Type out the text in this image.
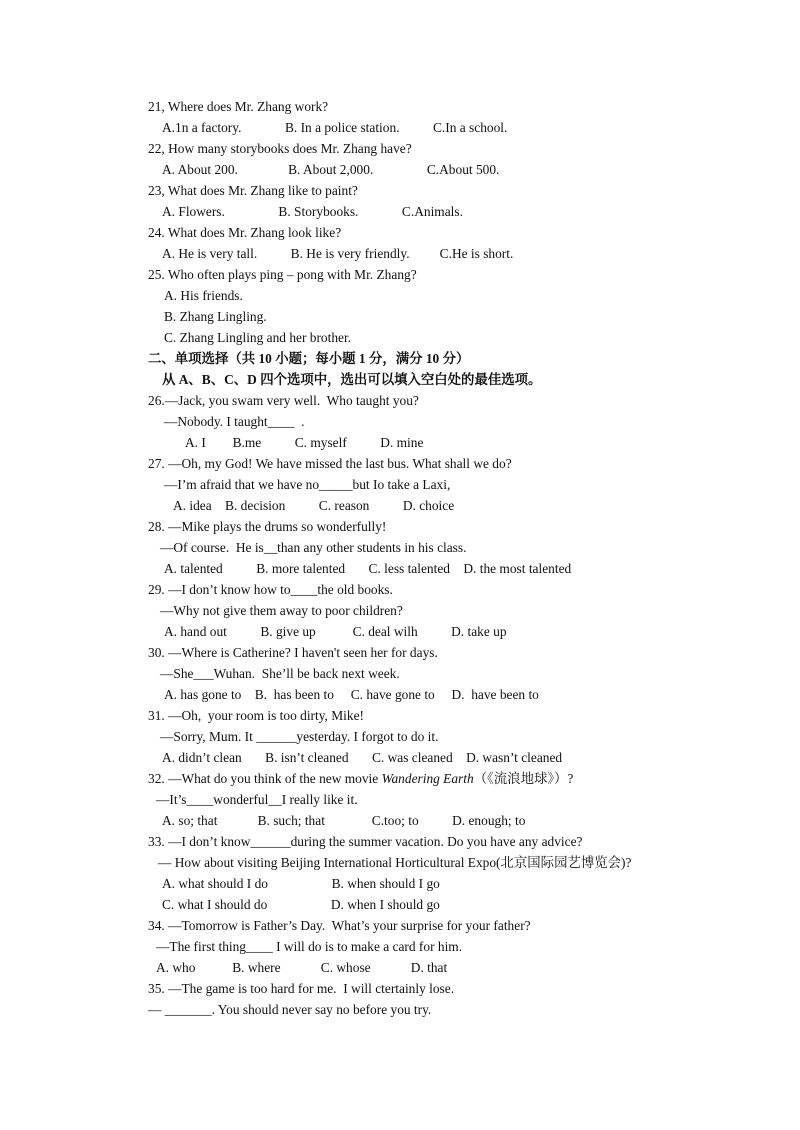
21, Where does Mr. Zhang work?
A.1n a factory.             B. In a police station.          C.In a school.
22, How many storybooks does Mr. Zhang have?
A. About 200.               B. About 2,000.                C.About 500.
23, What does Mr. Zhang like to paint?
A. Flowers.                B. Storybooks.             C.Animals.
24. What does Mr. Zhang look like?
A. He is very tall.          B. He is very friendly.         C.He is short.
25. Who often plays ping – pong with Mr. Zhang?
A. His friends.
B. Zhang Lingling.
C. Zhang Lingling and her brother.
二、单项选择（共 10 小题；每小题 1 分，满分 10 分）
从 A、B、C、D 四个选项中，选出可以填入空白处的最佳选项。
26.—Jack, you swam very well.  Who taught you?
—Nobody. I taught____  .
A. I        B.me          C. myself          D. mine
27. —Oh, my God! We have missed the last bus. What shall we do?
—I’m afraid that we have no_____but Io take a Laxi,
A. idea    B. decision          C. reason          D. choice
28. —Mike plays the drums so wonderfully!
—Of course.  He is__than any other students in his class.
A. talented          B. more talented       C. less talented    D. the most talented
29. —I don’t know how to____the old books.
—Why not give them away to poor children?
A. hand out          B. give up           C. deal wilh          D. take up
30. —Where is Catherine? I haven't seen her for days.
—She___Wuhan.  She’ll be back next week.
A. has gone to    B.  has been to     C. have gone to     D.  have been to
31. —Oh,  your room is too dirty, Mike!
—Sorry, Mum. It ______yesterday. I forgot to do it.
A. didn’t clean       B. isn’t cleaned       C. was cleaned    D. wasn’t cleaned
32. —What do you think of the new movie Wandering Earth（《流浪地球》）?
—It’s____wonderful__I really like it.
A. so; that            B. such; that              C.too; to          D. enough; to
33. —I don’t know______during the summer vacation. Do you have any advice?
— How about visiting Beijing International Horticultural Expo(北京国际园艺博览会)?
A. what should I do                   B. when should I go
C. what I should do                   D. when I should go
34. —Tomorrow is Father’s Day.  What’s your surprise for your father?
—The first thing____ I will do is to make a card for him.
A. who           B. where            C. whose            D. that
35. —The game is too hard for me.  I will ctertainly lose.
— _______. You should never say no before you try.
